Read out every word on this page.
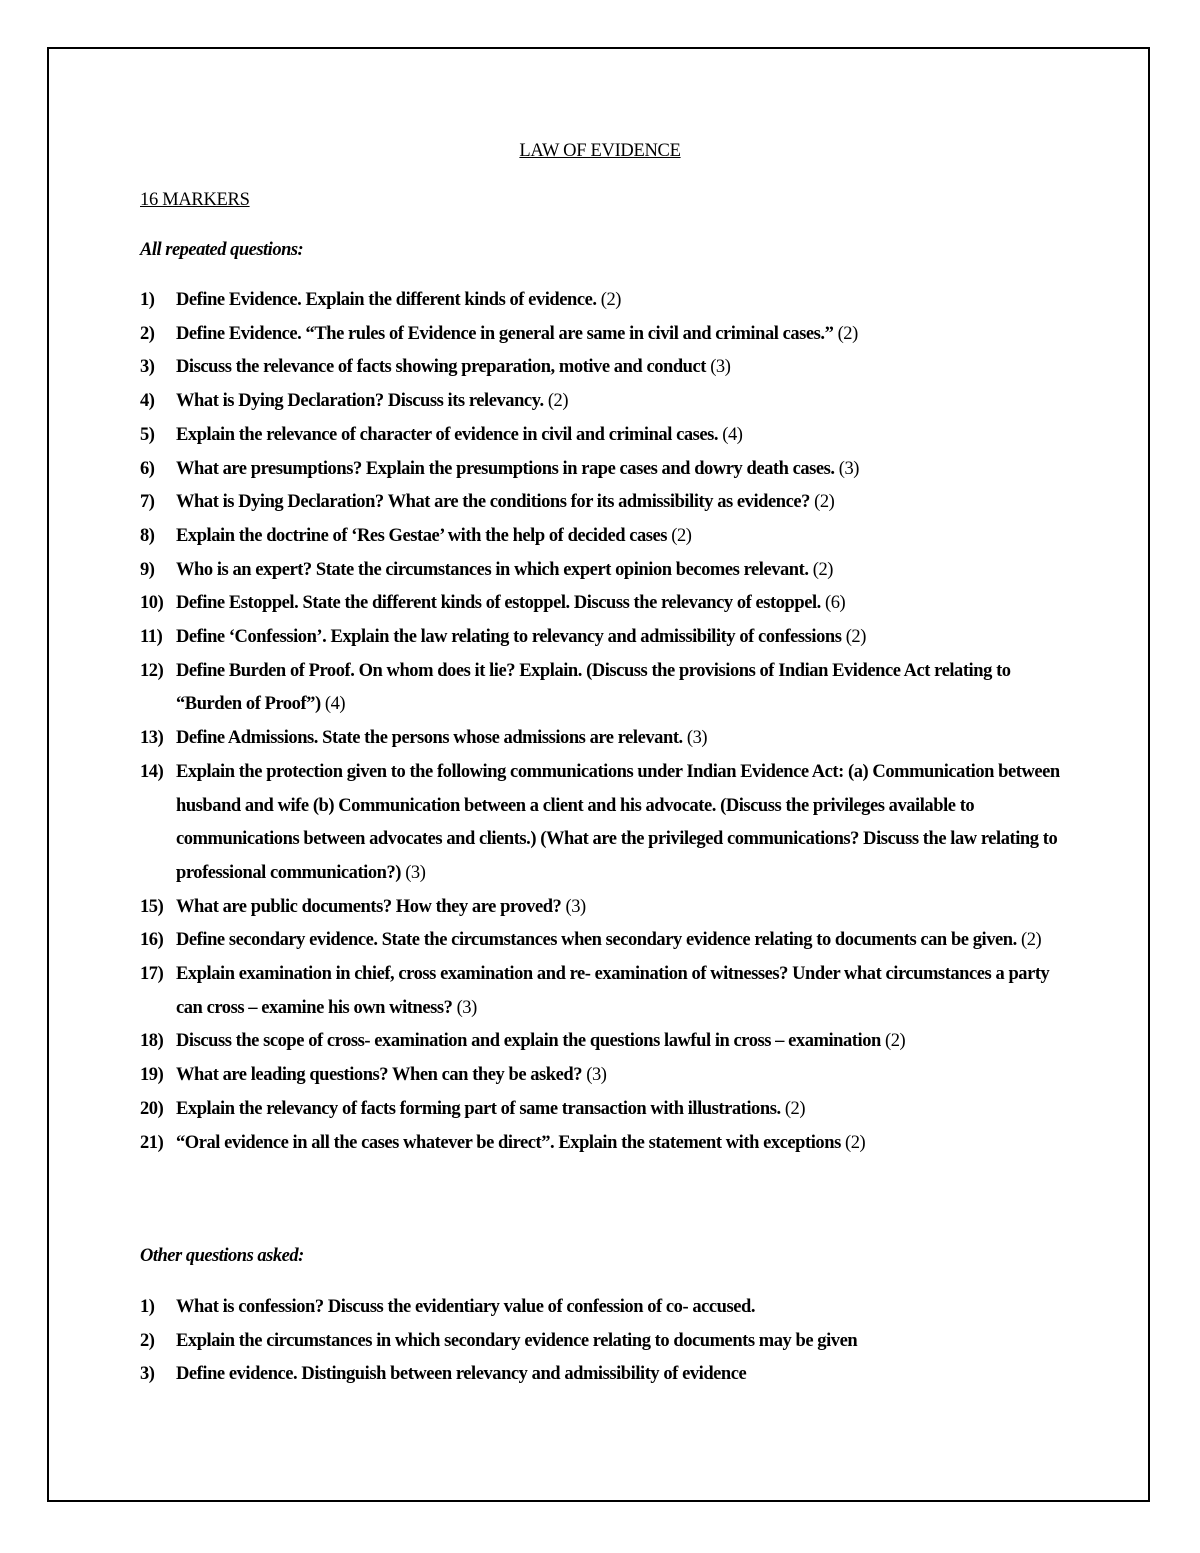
LAW OF EVIDENCE
16 MARKERS
All repeated questions:
1)	Define Evidence. Explain the different kinds of evidence. (2)
2)	Define Evidence. “The rules of Evidence in general are same in civil and criminal cases.” (2)
3)	Discuss the relevance of facts showing preparation, motive and conduct (3)
4)	What is Dying Declaration? Discuss its relevancy. (2)
5)	Explain the relevance of character of evidence in civil and criminal cases. (4)
6)	What are presumptions? Explain the presumptions in rape cases and dowry death cases. (3)
7)	What is Dying Declaration? What are the conditions for its admissibility as evidence? (2)
8)	Explain the doctrine of ‘Res Gestae’ with the help of decided cases (2)
9)	Who is an expert? State the circumstances in which expert opinion becomes relevant. (2)
10) Define Estoppel. State the different kinds of estoppel. Discuss the relevancy of estoppel. (6)
11) Define ‘Confession’. Explain the law relating to relevancy and admissibility of confessions (2)
12) Define Burden of Proof. On whom does it lie? Explain. (Discuss the provisions of Indian Evidence Act relating to “Burden of Proof”) (4)
13) Define Admissions. State the persons whose admissions are relevant. (3)
14) Explain the protection given to the following communications under Indian Evidence Act: (a) Communication between husband and wife (b) Communication between a client and his advocate. (Discuss the privileges available to communications between advocates and clients.) (What are the privileged communications? Discuss the law relating to professional communication?) (3)
15) What are public documents? How they are proved? (3)
16) Define secondary evidence. State the circumstances when secondary evidence relating to documents can be given. (2)
17) Explain examination in chief, cross examination and re- examination of witnesses? Under what circumstances a party can cross – examine his own witness? (3)
18) Discuss the scope of cross- examination and explain the questions lawful in cross – examination (2)
19) What are leading questions? When can they be asked? (3)
20) Explain the relevancy of facts forming part of same transaction with illustrations. (2)
21) “Oral evidence in all the cases whatever be direct”. Explain the statement with exceptions (2)
Other questions asked:
1)	What is confession? Discuss the evidentiary value of confession of co- accused.
2)	Explain the circumstances in which secondary evidence relating to documents may be given
3)	Define evidence. Distinguish between relevancy and admissibility of evidence
